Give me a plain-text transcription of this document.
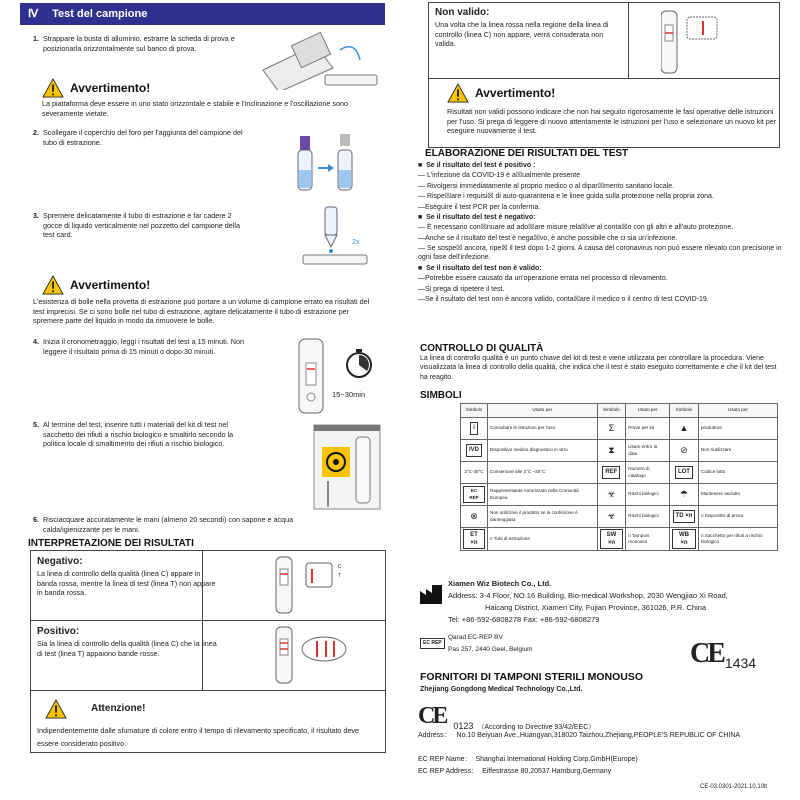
Ⅳ Test del campione
1. Strappare la busta di alluminio, estrarre la scheda di prova e posizionarla orizzontalmente sul banco di prova.
Avvertimento!
La piattaforma deve essere in uno stato orizzontale e stabile e l'inclinazione e l'oscillazione sono severamente vietate.
2. Scollegare il coperchio del foro per l'aggiunta del campione del tubo di estrazione.
3. Spremere delicatamente il tubo di estrazione e far cadere 2 gocce di liquido verticalmente nel pozzetto del campione della test card.
2x
Avvertimento!
L'esistenza di bolle nella provetta di estrazione può portare a un volume di campione errato ea risultati del test imprecisi. Se ci sono bolle nel tubo di estrazione, agitare delicatamente il tubo di estrazione per spremere parte del liquido in modo da rimuovere le bolle.
4. Inizia il cronometraggio, leggi i risultati del test a 15 minuti. Non leggere il risultato prima di 15 minuti o dopo 30 minuti.
15~30min
5. Al termine del test, inserire tutti i materiali del kit di test nel sacchetto dei rifiuti a rischio biologico e smaltirlo secondo la politica locale di smaltimento dei rifiuti a rischio biologico.
6. Risciacquare accuratamente le mani (almeno 20 secondi) con sapone e acqua calda/igienizzante per le mani.
INTERPRETAZIONE DEI RISULTATI
Negativo:
La linea di controllo della qualità (linea C) appare in banda rossa, mentre la linea di test (linea T) non appare in banda rossa.
C
T
Positivo:
Sia la linea di controllo della qualità (linea C) che la linea di test (linea T) appaiono bande rosse.
Attenzione!
Indipendentemente dalle sfumature di colore entro il tempo di rilevamento specificato, il risultato deve essere considerato positivo.
Non valido:
Una volta che la linea rossa nella regione della linea di controllo (linea C) non appare, verrà considerata non valida.
Avvertimento!
Risultati non validi possono indicare che non hai seguito rigorosamente le fasi operative delle istruzioni per l'uso. Si prega di leggere di nuovo attentamente le istruzioni per l'uso e selezionare un nuovo kit per eseguire nuovamente il test.
ELABORAZIONE DEI RISULTATI DEL TEST

■  Se il risultato del test è positivo :

— L'infezione da COVID-19 è a☒ualmente presente

— Rivolgersi immediatamente al proprio medico o al dipar☒mento sanitario locale.

— Rispe☒are i requisi☒ di auto-quarantena e le linee guida sulla protezione nella propria zona.

—Eseguire il test PCR per la conferma.

■  Se il risultato del test è negativo:

— È necessario con☒nuare ad ado☒are misure rela☒ve al conta☒o con gli altri e all'auto protezione.

—Anche se il risultato del test è nega☒vo, è anche possibile che ci sia un'infezione.

— Se sospe☒ ancora, ripe☒ il test dopo 1-2 giorni. A causa del coronavirus non può essere rilevato con precisione in ogni fase dell'infezione.

■  Se il risultato del test non è valido:

—Potrebbe essere causato da un'operazione errata nel processo di rilevamento.

—Si prega di ripetere il test.

—Se il risultato del test non è ancora valido, conta☒are il medico o il centro di test COVID-19.

CONTROLLO DI QUALITÀ
La linea di controllo qualità è un punto chiave del kit di test e viene utilizzata per controllare la procedura. Viene visualizzata la linea di controllo della qualità, che indica che il test è stato eseguito correttamente e che il kit del test ha reagito.
SIMBOLI
Simbolo	Usato per	Simbolo	Usato per	Simbolo	Usato per
i	Consultare le istruzioni per l'uso	Σ	Prove per kit	▲	produttore
IVD	Dispositivo medico diagnostico in vitro	⧗	Usare entro la data	⊘	Non riutilizzare
2°C-30°C	Conservare alle 2°C ~30°C	REF	Numero di catalogo	LOT	Codice lotto
EC REP	Rappresentante Autorizzato nella Comunità Europea	☣	Rischi biologici	☂	Mantenere asciutto
⊗	Non utilizzare il prodotto se la confezione è danneggiata	☣	Rischi biologici	TD ×n	n Dispositivi di prova
ET ×n	n Tubi di estrazione	SW ×n	n Tamponi monouso	WB ×n	n Sacchetto per rifiuti a rischio biologico
Xiamen Wiz Biotech Co., Ltd.
Address: 3-4 Floor, NO.16 Building, Bio-medical Workshop, 2030 Wengjiao Xi Road,
Haicang District, Xiamen City, Fujian Province, 361026, P.R. China
Tel: +86-592-6808278 Fax: +86-592-6808279
EC REP
Qarad EC-REP BV
Pas 257, 2440 Geel, Belgium	CE 1434
FORNITORI DI TAMPONI STERILI MONOUSO
Zhejiang Gongdong Medical Technology Co.,Ltd.
CE 0123 （According to Directive 93/42/EEC）
Address： No.10 Beiyuan Ave.,Huangyan,318020 Taizhou,Zhejiang,PEOPLE'S REPUBLIC OF CHINA
EC REP Name： Shanghai International Holding Corp.GmbH(Europe)
EC REP Address： Eiffestrasse 80,20537 Hamburg,Germany
CE-03.0301-2021.10.10lt
